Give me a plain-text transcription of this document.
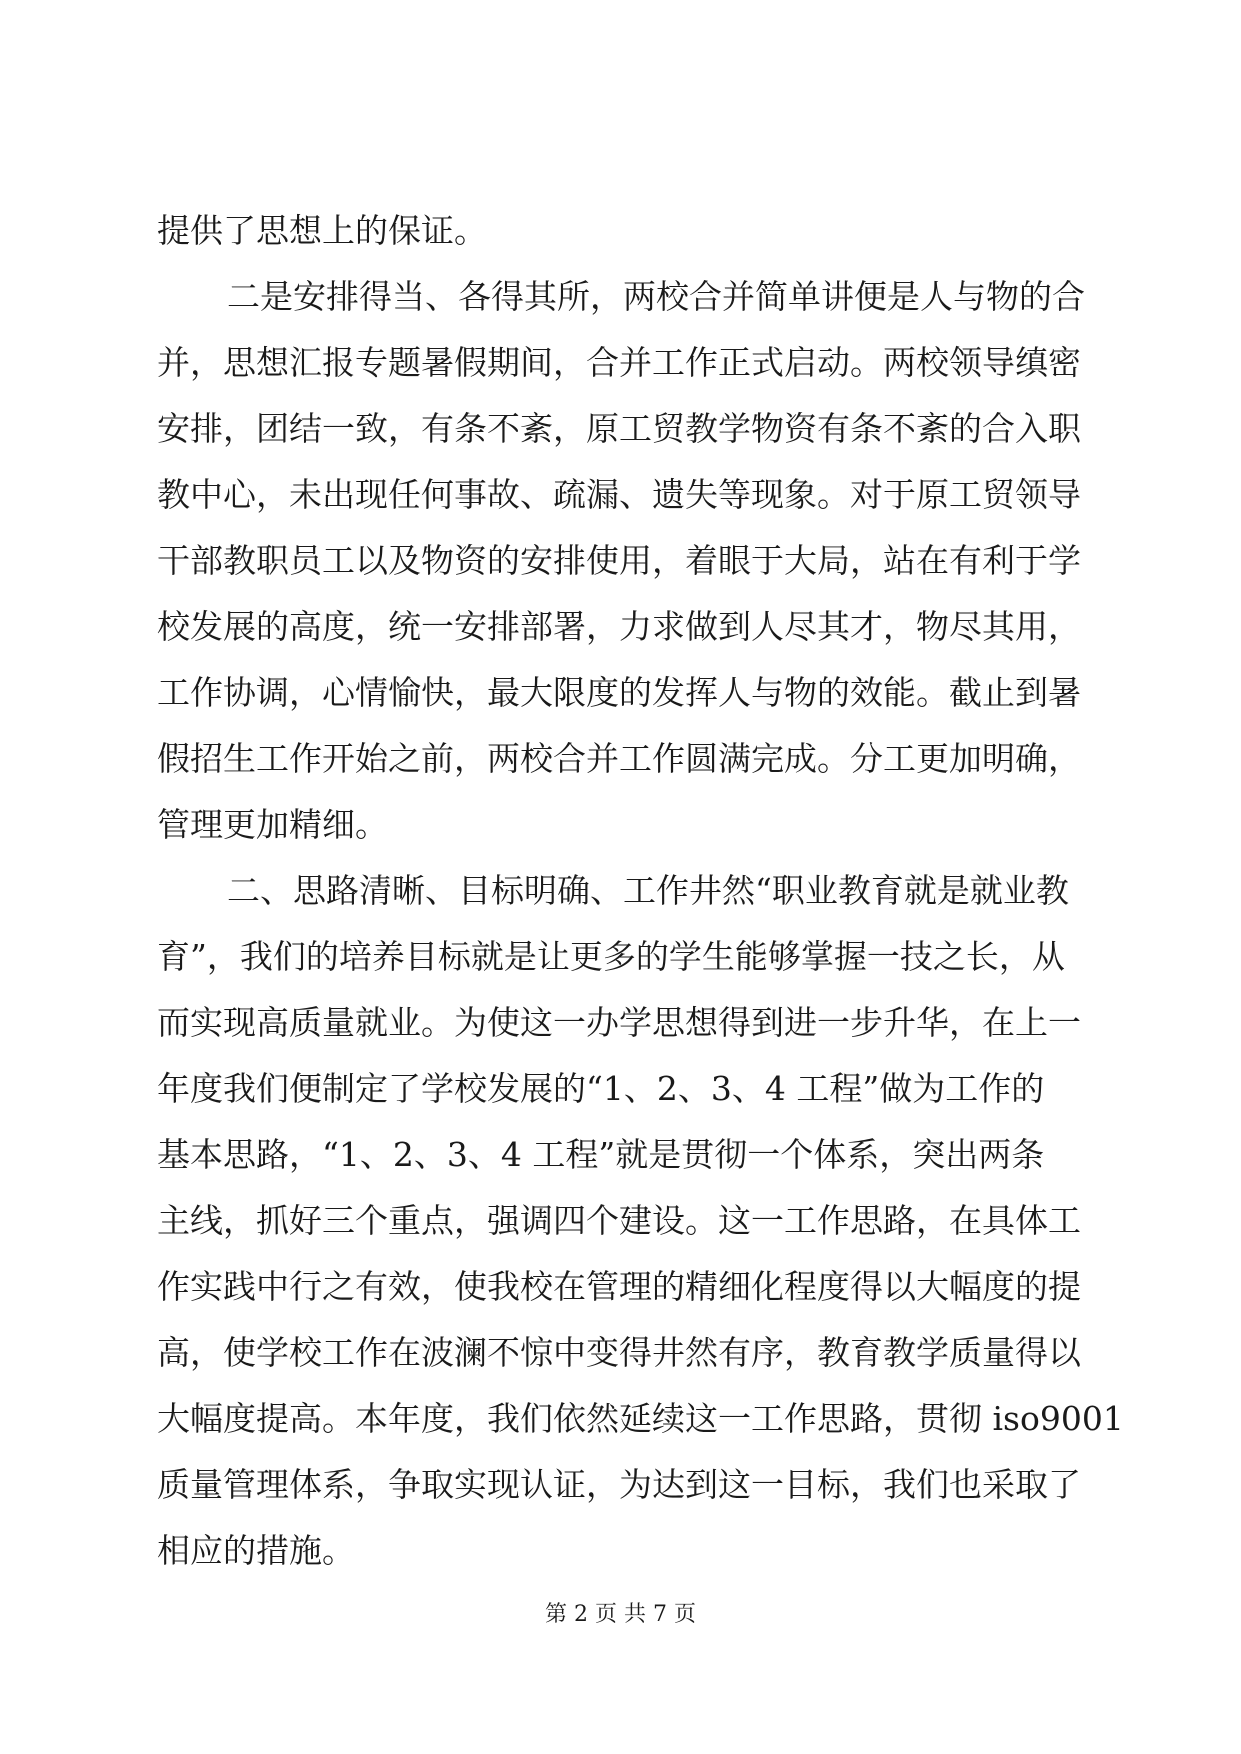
提供了思想上的保证。
二是安排得当、各得其所，两校合并简单讲便是人与物的合
并，思想汇报专题暑假期间，合并工作正式启动。两校领导缜密
安排，团结一致，有条不紊，原工贸教学物资有条不紊的合入职
教中心，未出现任何事故、疏漏、遗失等现象。对于原工贸领导
干部教职员工以及物资的安排使用，着眼于大局，站在有利于学
校发展的高度，统一安排部署，力求做到人尽其才，物尽其用，
工作协调，心情愉快，最大限度的发挥人与物的效能。截止到暑
假招生工作开始之前，两校合并工作圆满完成。分工更加明确，
管理更加精细。
二、思路清晰、目标明确、工作井然“职业教育就是就业教
育”，我们的培养目标就是让更多的学生能够掌握一技之长，从
而实现高质量就业。为使这一办学思想得到进一步升华，在上一
年度我们便制定了学校发展的“1、2、3、4 工程”做为工作的
基本思路，“1、2、3、4 工程”就是贯彻一个体系，突出两条
主线，抓好三个重点，强调四个建设。这一工作思路，在具体工
作实践中行之有效，使我校在管理的精细化程度得以大幅度的提
高，使学校工作在波澜不惊中变得井然有序，教育教学质量得以
大幅度提高。本年度，我们依然延续这一工作思路，贯彻 iso9001
质量管理体系，争取实现认证，为达到这一目标，我们也采取了
相应的措施。
第 2 页 共 7 页
